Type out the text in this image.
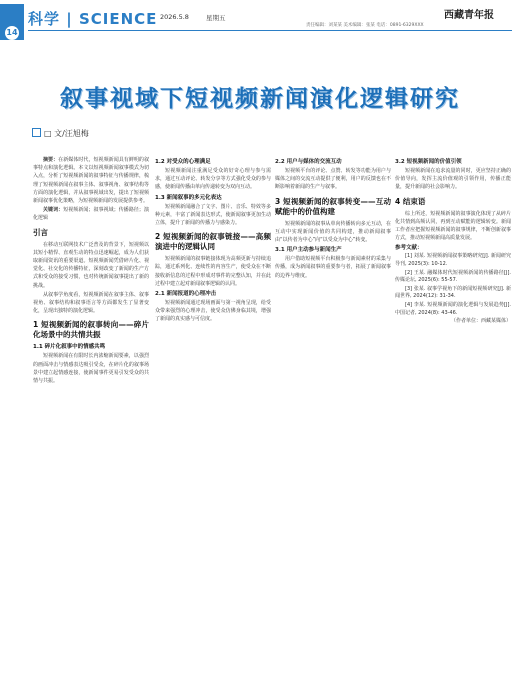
14
科学 | SCIENCE 2026.5.8	星期五	西藏青年报
责任编辑：刘某某 美术编辑：张某 电话：0891-6329XXX
叙事视域下短视频新闻演化逻辑研究
□ 文/汪旭梅

摘要：在新媒体时代，短视频新闻具有鲜明的叙事特点和演化逻辑。本文以短视频新闻叙事模式为切入点，分析了短视频新闻的叙事特征与传播规律，梳理了短视频新闻在叙事主体、叙事视角、叙事结构等方面的演化逻辑，并从叙事视域出发，提出了短视频新闻叙事优化策略，为短视频新闻的发展提供参考。

关键词：短视频新闻；叙事视域；传播路径；演化逻辑

引言

在移动互联网技术广泛普及的背景下，短视频以其短小精悍、直观生动的特点迅速崛起，成为人们获取新闻资讯的重要渠道。短视频新闻凭借碎片化、视觉化、社交化的传播特征，深刻改变了新闻的生产方式和受众的接受习惯，也对传统新闻叙事提出了新的挑战。

从叙事学角度看，短视频新闻在叙事主体、叙事视角、叙事结构和叙事语言等方面都发生了显著变化，呈现出独特的演化逻辑。

1 短视频新闻的叙事转向——碎片化场景中的共情共振
1.1 碎片化叙事中的情感共鸣

短视频新闻在有限时长内浓缩新闻要素，以强烈的画面冲击与情感表达吸引受众，在碎片化的叙事场景中建立起情感连接，使新闻事件更易引发受众的共情与共振。

1.2 对受众的心理满足

短视频新闻注重满足受众的好奇心理与参与需求，通过互动评论、转发分享等方式强化受众的参与感，使新闻传播由单向传递转变为双向互动。

1.3 新闻叙事的多元化表达

短视频新闻融合了文字、图片、音乐、特效等多种元素，丰富了新闻表达形式，使新闻叙事更加生动立体，提升了新闻的传播力与感染力。

2 短视频新闻的叙事链接——高频演进中的逻辑认同

短视频新闻的叙事链接体现为高频更新与持续追踪，通过系列化、连续性的内容生产，使受众在不断接收新信息的过程中形成对事件的完整认知，并在此过程中建立起对新闻叙事逻辑的认同。

2.1 新闻报道的心理冲击

短视频新闻通过现场画面与第一视角呈现，给受众带来强烈的心理冲击，使受众仿佛身临其境，增强了新闻的真实感与可信度。

2.2 用户与媒体的交流互动

短视频平台的评论、点赞、转发等功能为用户与媒体之间的交流互动提供了便利，用户的反馈也在不断影响着新闻的生产与叙事。

3 短视频新闻的叙事转变——互动赋能中的价值构建

短视频新闻的叙事从单向传播转向多元互动，在互动中实现新闻价值的共同构建，推动新闻叙事由“以传者为中心”向“以受众为中心”转变。

3.1 用户主动参与新闻生产

用户借助短视频平台积极参与新闻素材的采集与传播，成为新闻叙事的重要参与者，拓展了新闻叙事的边界与维度。

3.2 短视频新闻的价值引领

短视频新闻在追求流量的同时，更应坚持正确的价值导向，发挥主流价值观的引领作用，传播正能量，提升新闻的社会影响力。

4 结束语

综上所述，短视频新闻的叙事演化体现了从碎片化共情到高频认同，再到互动赋能的逻辑转变。新闻工作者应把握短视频新闻的叙事规律，不断创新叙事方式，推动短视频新闻高质量发展。

参考文献：

[1] 刘某. 短视频新闻叙事策略研究[J]. 新闻研究导刊, 2025(3): 10-12.

[2] 王某. 融媒体时代短视频新闻的传播路径[J]. 传媒论坛, 2025(6): 55-57.

[3] 张某. 叙事学视角下的新闻短视频研究[J]. 新闻世界, 2024(12): 31-34.

[4] 李某. 短视频新闻的演化逻辑与发展趋势[J]. 中国记者, 2024(8): 43-46.

（作者单位：西藏某媒体）
